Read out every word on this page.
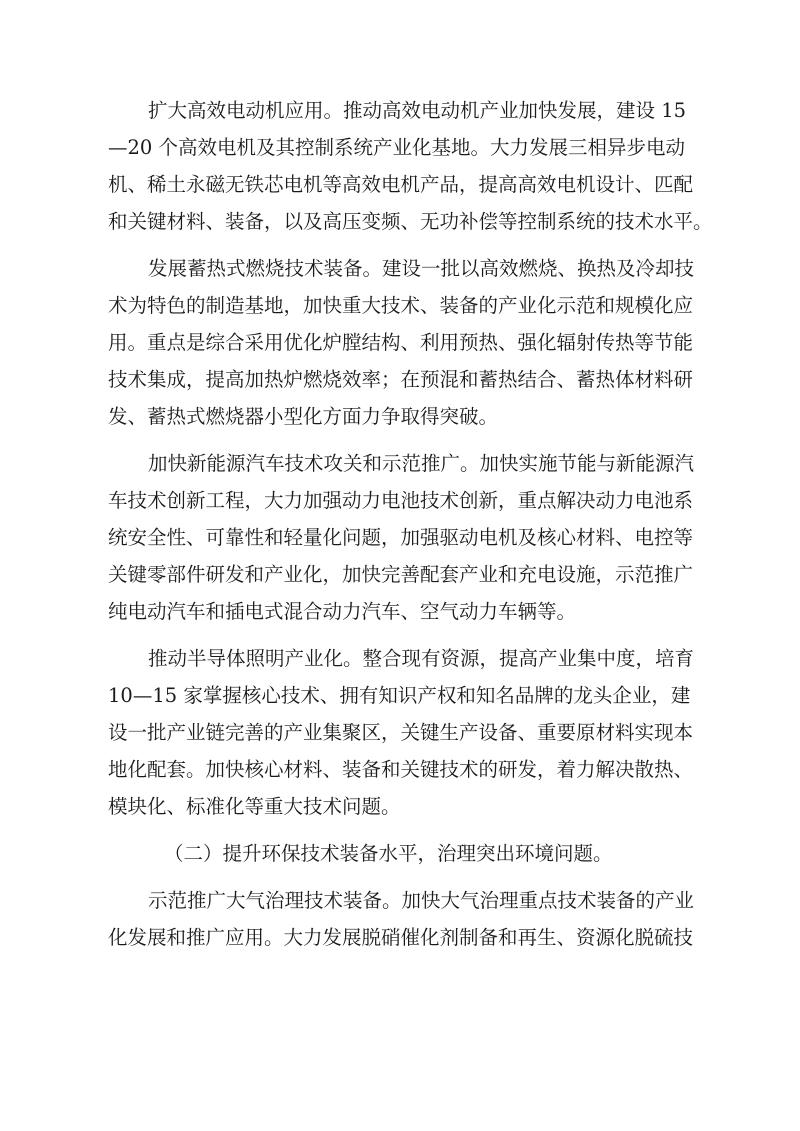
扩大高效电动机应用。推动高效电动机产业加快发展，建设 15
—20 个高效电机及其控制系统产业化基地。大力发展三相异步电动
机、稀土永磁无铁芯电机等高效电机产品，提高高效电机设计、匹配
和关键材料、装备，以及高压变频、无功补偿等控制系统的技术水平。

发展蓄热式燃烧技术装备。建设一批以高效燃烧、换热及冷却技
术为特色的制造基地，加快重大技术、装备的产业化示范和规模化应
用。重点是综合采用优化炉膛结构、利用预热、强化辐射传热等节能
技术集成，提高加热炉燃烧效率；在预混和蓄热结合、蓄热体材料研
发、蓄热式燃烧器小型化方面力争取得突破。

加快新能源汽车技术攻关和示范推广。加快实施节能与新能源汽
车技术创新工程，大力加强动力电池技术创新，重点解决动力电池系
统安全性、可靠性和轻量化问题，加强驱动电机及核心材料、电控等
关键零部件研发和产业化，加快完善配套产业和充电设施，示范推广
纯电动汽车和插电式混合动力汽车、空气动力车辆等。

推动半导体照明产业化。整合现有资源，提高产业集中度，培育
10—15 家掌握核心技术、拥有知识产权和知名品牌的龙头企业，建
设一批产业链完善的产业集聚区，关键生产设备、重要原材料实现本
地化配套。加快核心材料、装备和关键技术的研发，着力解决散热、
模块化、标准化等重大技术问题。

（二）提升环保技术装备水平，治理突出环境问题。

示范推广大气治理技术装备。加快大气治理重点技术装备的产业
化发展和推广应用。大力发展脱硝催化剂制备和再生、资源化脱硫技
